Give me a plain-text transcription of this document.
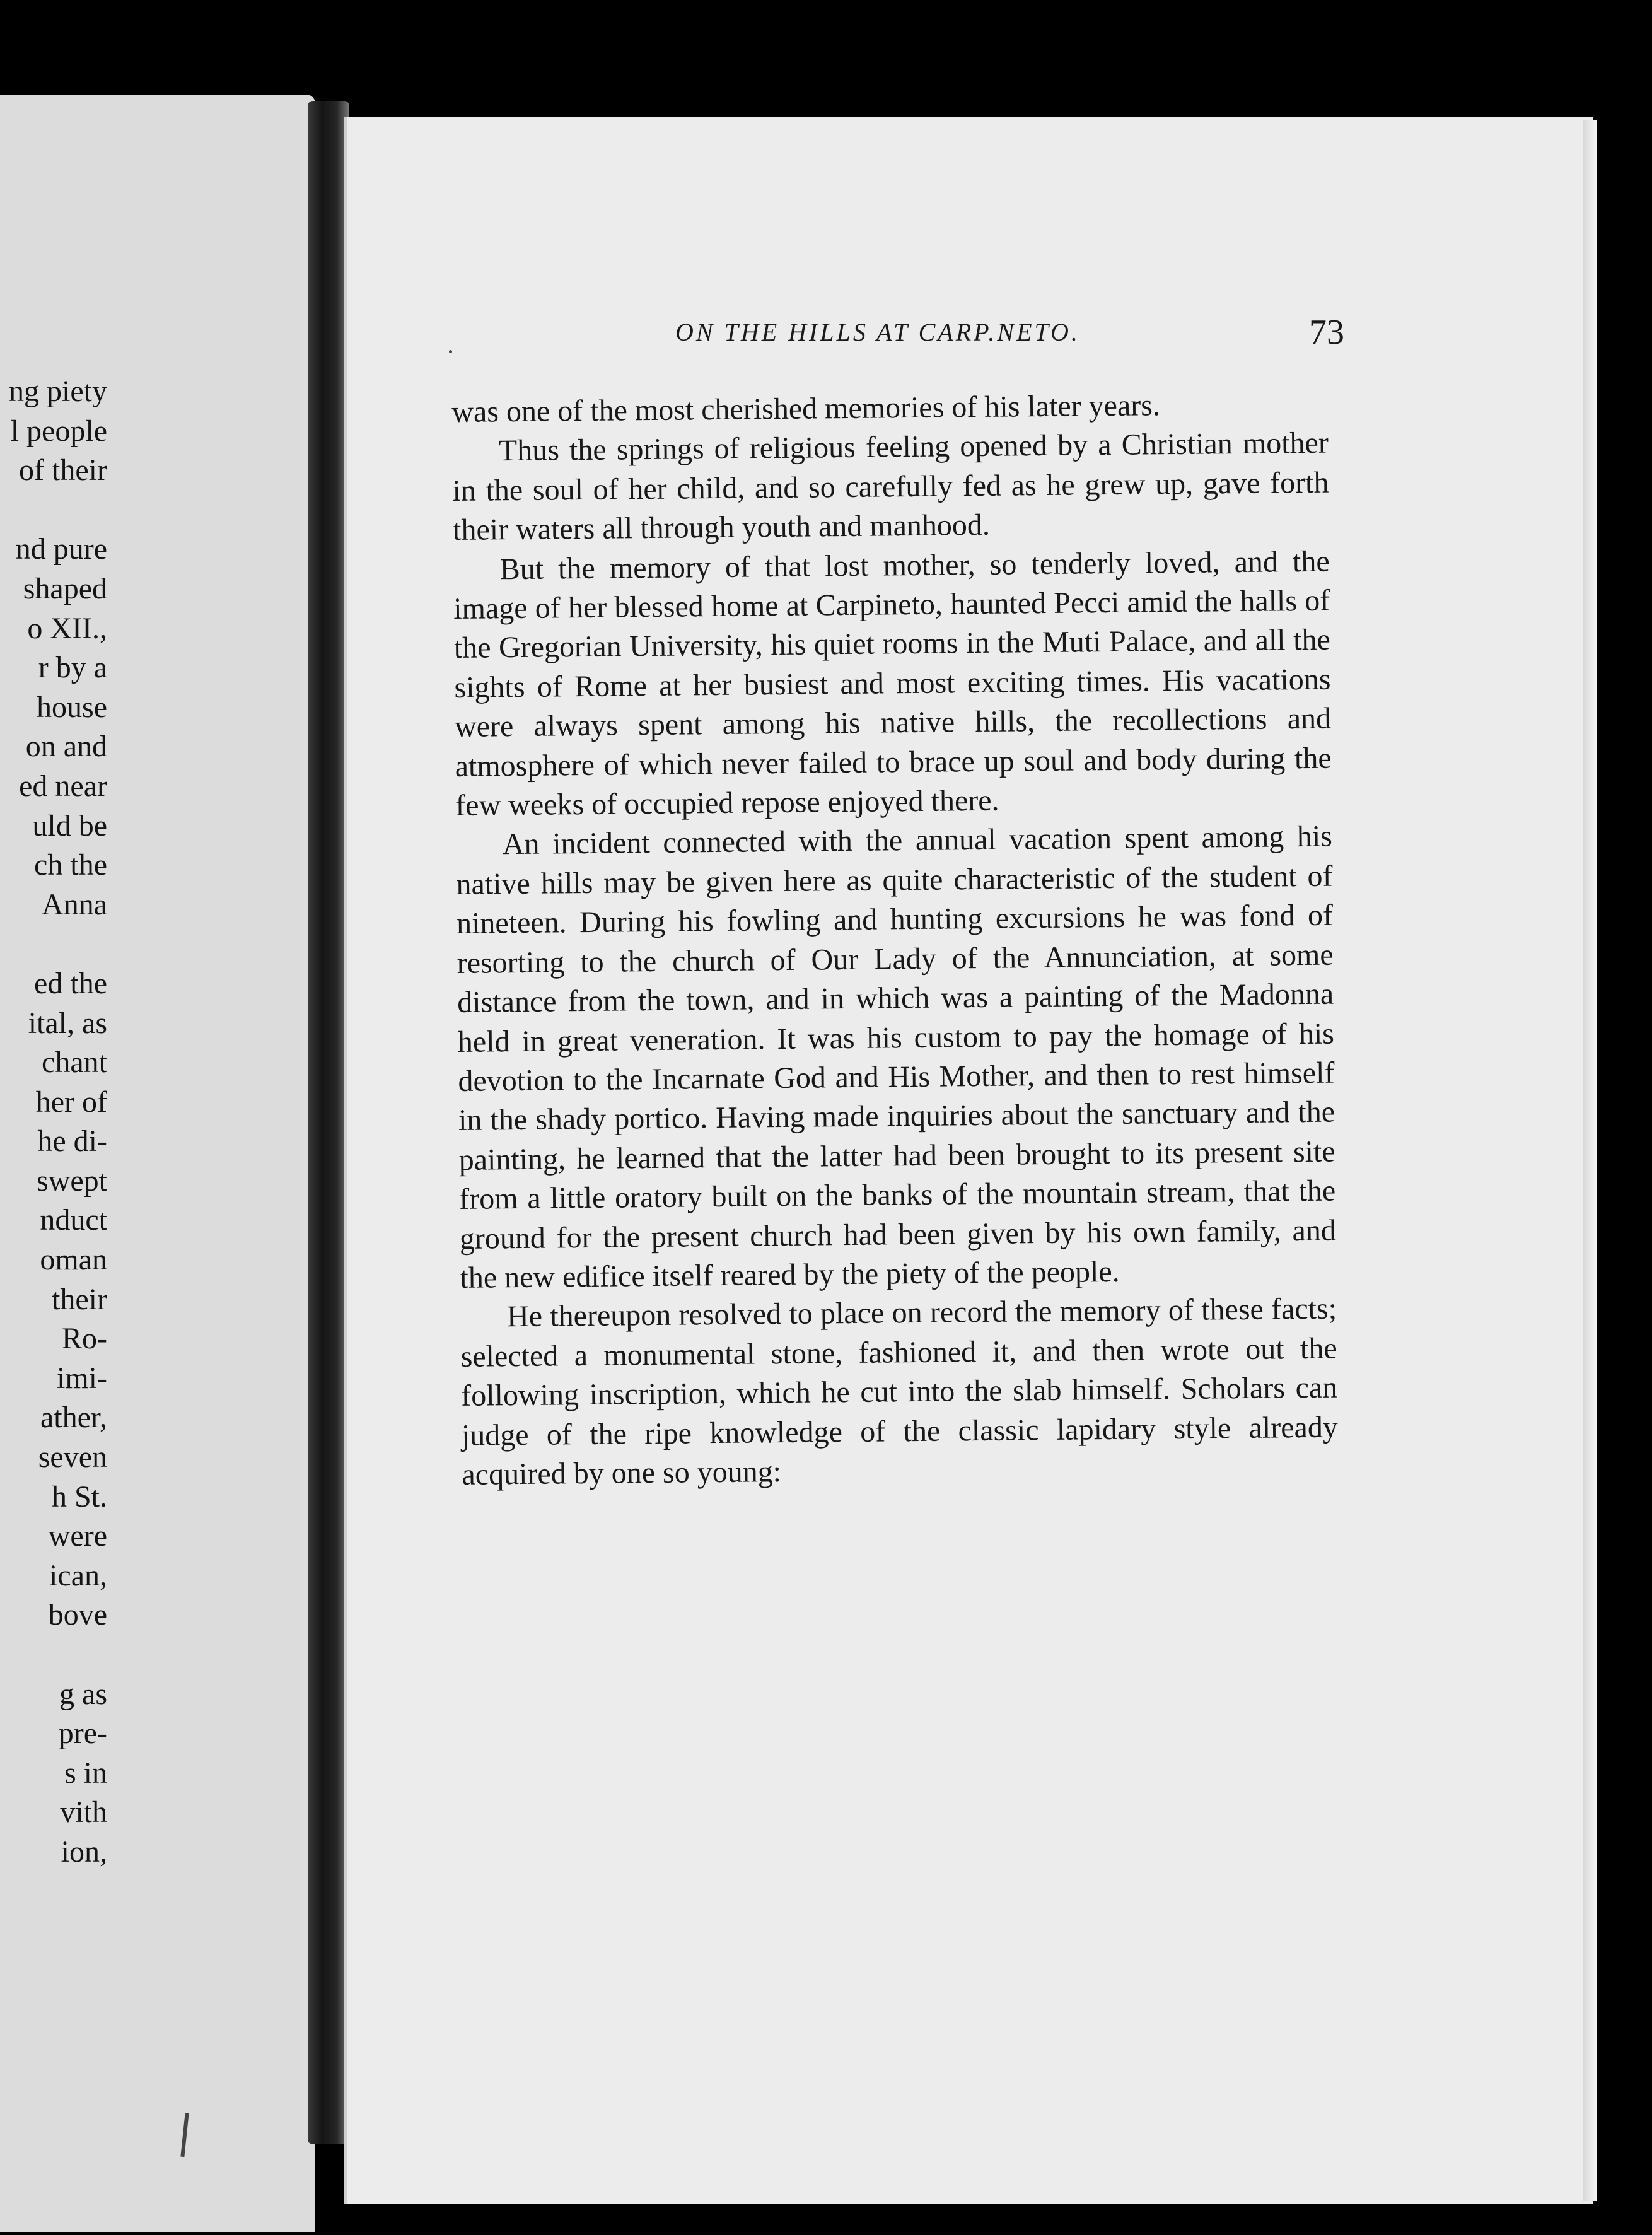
ng piety
l people
of their
nd pure
shaped
o XII.,
r by a
house
on and
ed near
uld be
ch the
Anna
ed the
ital, as
chant
her of
he di-
swept
nduct
oman
their
Ro-
imi-
ather,
seven
h St.
were
ican,
bove
g as
pre-
s in
vith
ion,
ON THE HILLS AT CARP.NETO.	73

was one of the most cherished memories of his later years.

Thus the springs of religious feeling opened by a Christian mother in the soul of her child, and so carefully fed as he grew up, gave forth their waters all through youth and manhood.

But the memory of that lost mother, so tenderly loved, and the image of her blessed home at Carpineto, haunted Pecci amid the halls of the Gregorian University, his quiet rooms in the Muti Palace, and all the sights of Rome at her busiest and most exciting times. His vacations were always spent among his native hills, the recollections and atmosphere of which never failed to brace up soul and body during the few weeks of occupied repose enjoyed there.

An incident connected with the annual vacation spent among his native hills may be given here as quite characteristic of the student of nineteen. During his fowling and hunting excursions he was fond of resorting to the church of Our Lady of the Annunciation, at some distance from the town, and in which was a painting of the Madonna held in great veneration. It was his custom to pay the homage of his devotion to the Incarnate God and His Mother, and then to rest himself in the shady portico. Having made inquiries about the sanctuary and the painting, he learned that the latter had been brought to its present site from a little oratory built on the banks of the mountain stream, that the ground for the present church had been given by his own family, and the new edifice itself reared by the piety of the people.

He thereupon resolved to place on record the memory of these facts; selected a monumental stone, fashioned it, and then wrote out the following inscription, which he cut into the slab himself. Scholars can judge of the ripe knowledge of the classic lapidary style already acquired by one so young:
